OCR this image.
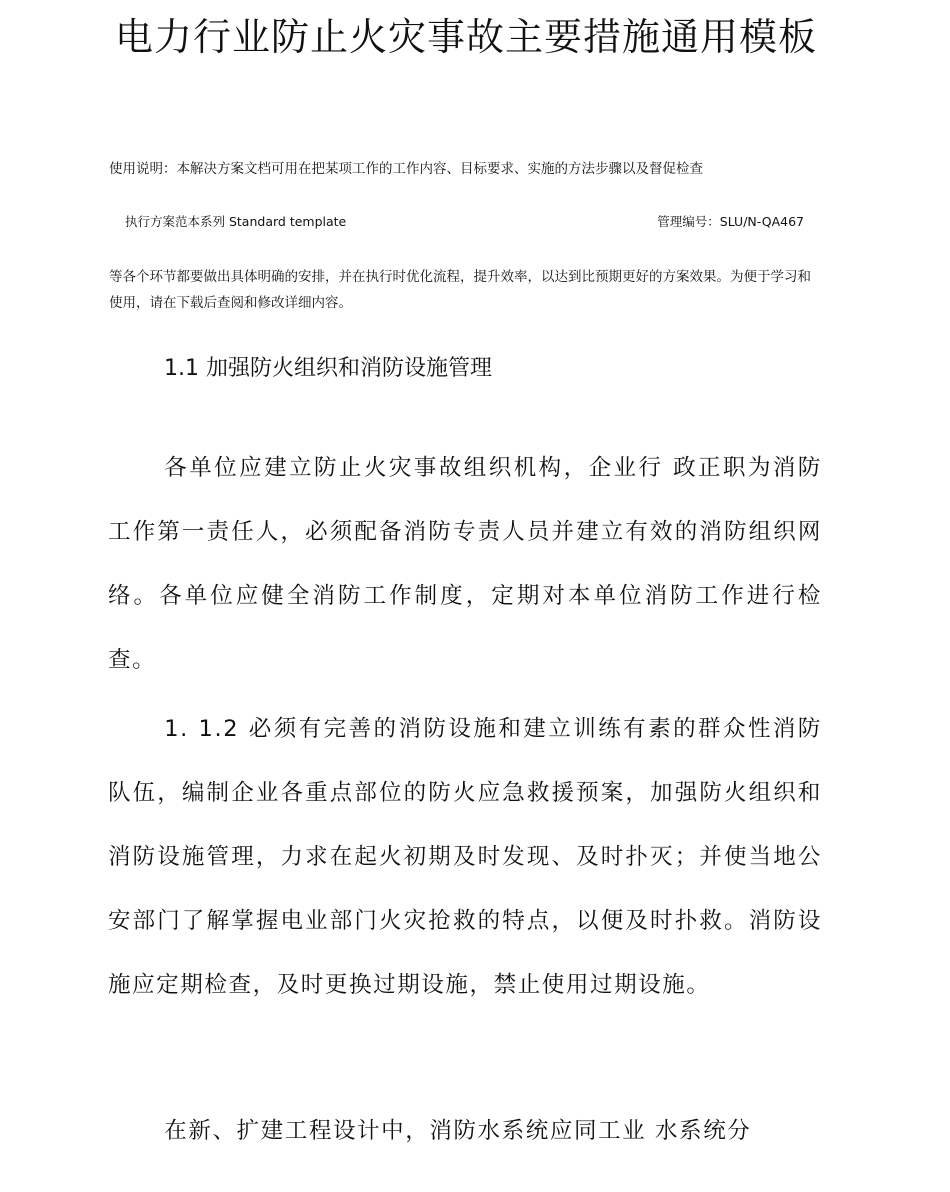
电力行业防止火灾事故主要措施通用模板

使用说明：本解决方案文档可用在把某项工作的工作内容、目标要求、实施的方法步骤以及督促检查

执行方案范本系列 Standard template	管理编号：SLU/N-QA467

等各个环节都要做出具体明确的安排，并在执行时优化流程，提升效率，以达到比预期更好的方案效果。为便于学习和使用，请在下载后查阅和修改详细内容。

1.1 加强防火组织和消防设施管理

各单位应建立防止火灾事故组织机构，企业行 政正职为消防工作第一责任人，必须配备消防专责人员并建立有效的消防组织网络。各单位应健全消防工作制度，定期对本单位消防工作进行检查。

1. 1.2 必须有完善的消防设施和建立训练有素的群众性消防队伍，编制企业各重点部位的防火应急救援预案，加强防火组织和消防设施管理，力求在起火初期及时发现、及时扑灭；并使当地公安部门了解掌握电业部门火灾抢救的特点，以便及时扑救。消防设施应定期检查，及时更换过期设施，禁止使用过期设施。

在新、扩建工程设计中，消防水系统应同工业 水系统分
